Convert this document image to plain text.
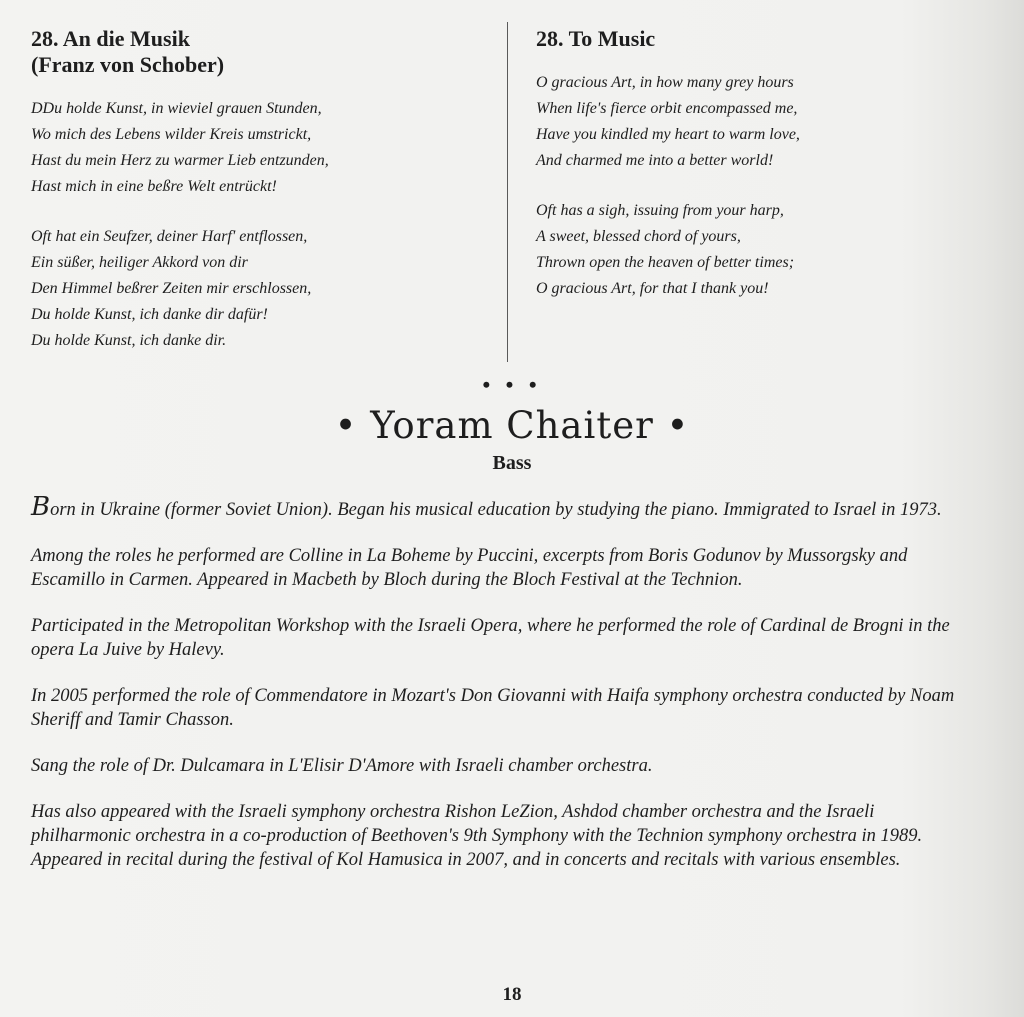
28. An die Musik
(Franz von Schober)
DDu holde Kunst, in wieviel grauen Stunden,
Wo mich des Lebens wilder Kreis umstrickt,
Hast du mein Herz zu warmer Lieb entzunden,
Hast mich in eine beßre Welt entrückt!
Oft hat ein Seufzer, deiner Harf' entflossen,
Ein süßer, heiliger Akkord von dir
Den Himmel beßrer Zeiten mir erschlossen,
Du holde Kunst, ich danke dir dafür!
Du holde Kunst, ich danke dir.
28. To Music
O gracious Art, in how many grey hours
When life's fierce orbit encompassed me,
Have you kindled my heart to warm love,
And charmed me into a better world!
Oft has a sigh, issuing from your harp,
A sweet, blessed chord of yours,
Thrown open the heaven of better times;
O gracious Art, for that I thank you!
• • •
• Yoram Chaiter •
Bass

Born in Ukraine (former Soviet Union). Began his musical education by studying the piano. Immigrated to Israel in 1973.

Among the roles he performed are Colline in La Boheme by Puccini, excerpts from Boris Godunov by Mussorgsky and Escamillo in Carmen. Appeared in Macbeth by Bloch during the Bloch Festival at the Technion.

Participated in the Metropolitan Workshop with the Israeli Opera, where he performed the role of Cardinal de Brogni in the opera La Juive by Halevy.

In 2005 performed the role of Commendatore in Mozart's Don Giovanni with Haifa symphony orchestra conducted by Noam Sheriff and Tamir Chasson.

Sang the role of Dr. Dulcamara in L'Elisir D'Amore with Israeli chamber orchestra.

Has also appeared with the Israeli symphony orchestra Rishon LeZion, Ashdod chamber orchestra and the Israeli philharmonic orchestra in a co-production of Beethoven's 9th Symphony with the Technion symphony orchestra in 1989. Appeared in recital during the festival of Kol Hamusica in 2007, and in concerts and recitals with various ensembles.

18
